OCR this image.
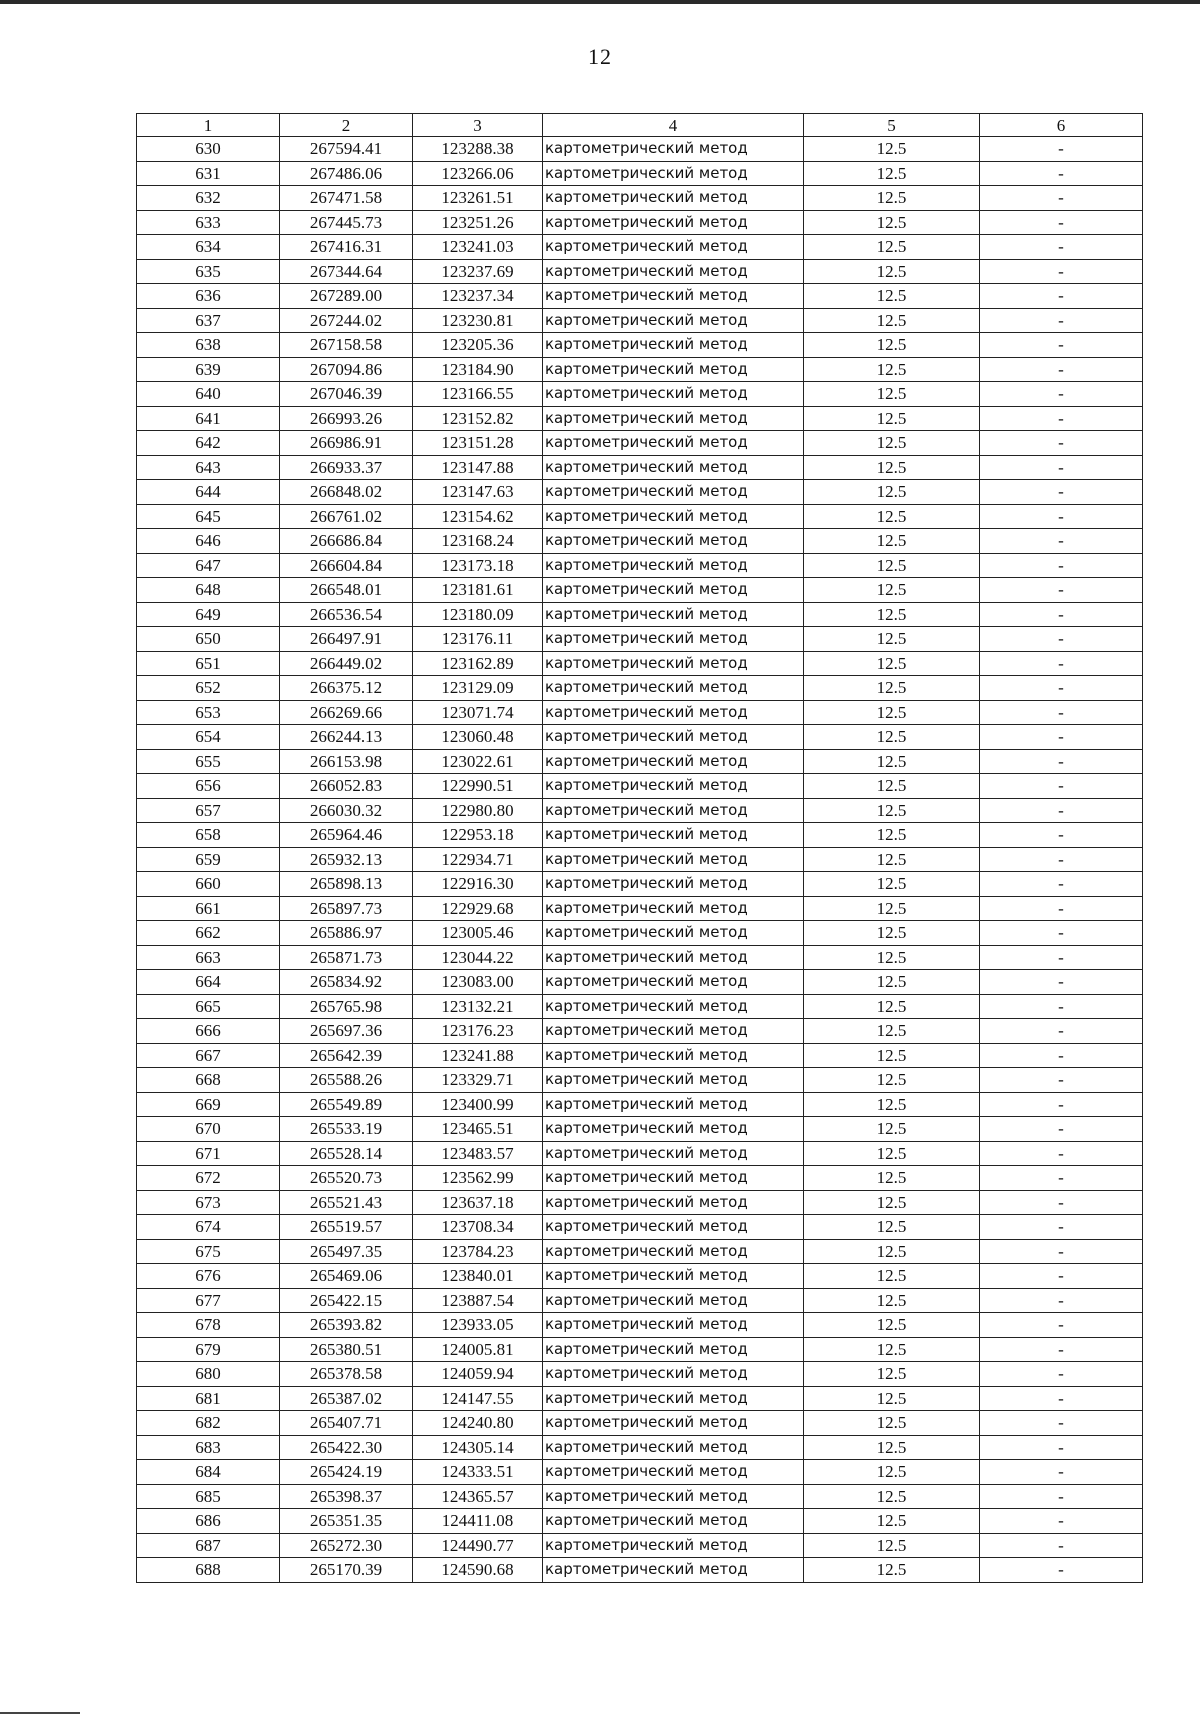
12
1	2	3	4	5	6
630	267594.41	123288.38	картометрический метод	12.5	-
631	267486.06	123266.06	картометрический метод	12.5	-
632	267471.58	123261.51	картометрический метод	12.5	-
633	267445.73	123251.26	картометрический метод	12.5	-
634	267416.31	123241.03	картометрический метод	12.5	-
635	267344.64	123237.69	картометрический метод	12.5	-
636	267289.00	123237.34	картометрический метод	12.5	-
637	267244.02	123230.81	картометрический метод	12.5	-
638	267158.58	123205.36	картометрический метод	12.5	-
639	267094.86	123184.90	картометрический метод	12.5	-
640	267046.39	123166.55	картометрический метод	12.5	-
641	266993.26	123152.82	картометрический метод	12.5	-
642	266986.91	123151.28	картометрический метод	12.5	-
643	266933.37	123147.88	картометрический метод	12.5	-
644	266848.02	123147.63	картометрический метод	12.5	-
645	266761.02	123154.62	картометрический метод	12.5	-
646	266686.84	123168.24	картометрический метод	12.5	-
647	266604.84	123173.18	картометрический метод	12.5	-
648	266548.01	123181.61	картометрический метод	12.5	-
649	266536.54	123180.09	картометрический метод	12.5	-
650	266497.91	123176.11	картометрический метод	12.5	-
651	266449.02	123162.89	картометрический метод	12.5	-
652	266375.12	123129.09	картометрический метод	12.5	-
653	266269.66	123071.74	картометрический метод	12.5	-
654	266244.13	123060.48	картометрический метод	12.5	-
655	266153.98	123022.61	картометрический метод	12.5	-
656	266052.83	122990.51	картометрический метод	12.5	-
657	266030.32	122980.80	картометрический метод	12.5	-
658	265964.46	122953.18	картометрический метод	12.5	-
659	265932.13	122934.71	картометрический метод	12.5	-
660	265898.13	122916.30	картометрический метод	12.5	-
661	265897.73	122929.68	картометрический метод	12.5	-
662	265886.97	123005.46	картометрический метод	12.5	-
663	265871.73	123044.22	картометрический метод	12.5	-
664	265834.92	123083.00	картометрический метод	12.5	-
665	265765.98	123132.21	картометрический метод	12.5	-
666	265697.36	123176.23	картометрический метод	12.5	-
667	265642.39	123241.88	картометрический метод	12.5	-
668	265588.26	123329.71	картометрический метод	12.5	-
669	265549.89	123400.99	картометрический метод	12.5	-
670	265533.19	123465.51	картометрический метод	12.5	-
671	265528.14	123483.57	картометрический метод	12.5	-
672	265520.73	123562.99	картометрический метод	12.5	-
673	265521.43	123637.18	картометрический метод	12.5	-
674	265519.57	123708.34	картометрический метод	12.5	-
675	265497.35	123784.23	картометрический метод	12.5	-
676	265469.06	123840.01	картометрический метод	12.5	-
677	265422.15	123887.54	картометрический метод	12.5	-
678	265393.82	123933.05	картометрический метод	12.5	-
679	265380.51	124005.81	картометрический метод	12.5	-
680	265378.58	124059.94	картометрический метод	12.5	-
681	265387.02	124147.55	картометрический метод	12.5	-
682	265407.71	124240.80	картометрический метод	12.5	-
683	265422.30	124305.14	картометрический метод	12.5	-
684	265424.19	124333.51	картометрический метод	12.5	-
685	265398.37	124365.57	картометрический метод	12.5	-
686	265351.35	124411.08	картометрический метод	12.5	-
687	265272.30	124490.77	картометрический метод	12.5	-
688	265170.39	124590.68	картометрический метод	12.5	-
